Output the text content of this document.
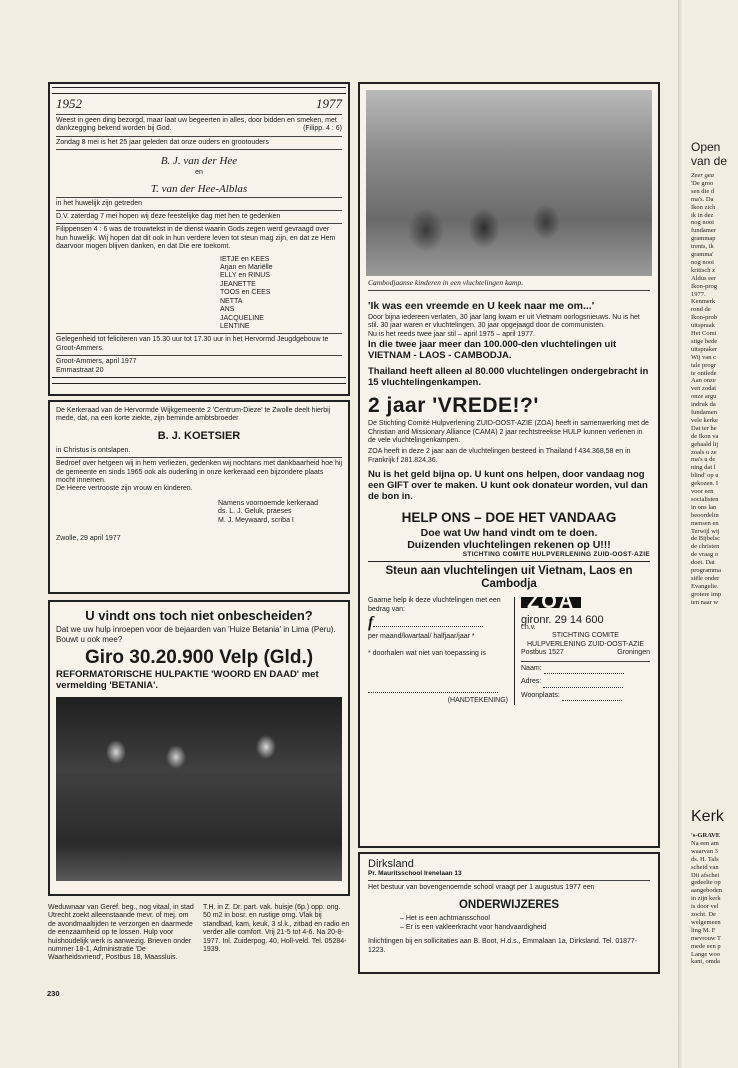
1952	1977
Weest in geen ding bezorgd, maar laat uw begeerten in alles, door bidden en smeken, met dankzegging bekend worden bij God.	(Filipp. 4 : 6)

Zondag 8 mei is het 25 jaar geleden dat onze ouders en grootouders

B. J. van der Hee

en

T. van der Hee-Alblas

in het huwelijk zijn getreden

D.V. zaterdag 7 mei hopen wij deze feestelijke dag met hen te gedenken

Filippensen 4 : 6 was de trouwtekst in de dienst waarin Gods zegen werd gevraagd over hun huwelijk. Wij hopen dat dit ook in hun verdere leven tot steun mag zijn, en dat ze Hem daarvoor mogen blijven danken, en dat Die ere toekomt.

IETJE en KEES
Arjan en Mariëlle
ELLY en RINUS
JEANETTE
TOOS en CEES
NETTA
ANS
JACQUELINE
LENTINE

Gelegenheid tot feliciteren van 15.30 uur tot 17.30 uur in het Hervormd Jeugdgebouw te Groot-Ammers.

Groot-Ammers, april 1977

Emmastraat 20

De Kerkeraad van de Hervormde Wijkgemeente 2 'Centrum-Dieze' te Zwolle deelt hierbij mede, dat, na een korte ziekte, zijn beminde ambtsbroeder

B. J. KOETSIER

in Christus is ontslapen.

Bedroef over hetgeen wij in hem verliezen, gedenken wij nochtans met dankbaarheid hoe hij de gemeente en sinds 1965 ook als ouderling in onze kerkeraad een bijzondere plaats mocht innemen.

De Heere vertrooste zijn vrouw en kinderen.

Namens voornoemde kerkeraad
ds. L. J. Geluk, praeses
M. J. Meywaard, scriba I

Zwolle, 29 april 1977

U vindt ons toch niet onbescheiden?

Dat we uw hulp inroepen voor de bejaarden van 'Huize Betania' in Lima (Peru). Bouwt u ook mee?

Giro 30.20.900 Velp (Gld.)

REFORMATORISCHE HULPAKTIE 'WOORD EN DAAD' met vermelding 'BETANIA'.

Weduwnaar van Geref. beg., nog vitaal, in stad Utrecht zoekt alleenstaande mevr. of mej. om de avondmaaltijden te verzorgen en daarmede de eenzaamheid op te lossen. Hulp voor huishoudelijk werk is aanwezig. Brieven onder nummer 18-1, Administratie 'De Waarheidsvriend', Postbus 18, Maassluis.
T.H. in Z. Dr. part. vak. huisje (6p.) opp. ong. 50 m2 in bosr. en rustige omg. Vlak bij standbad, kam, keuk, 3 sl.k., zitbad en radio en verder alle comfort. Vrij 21-5 tot 4-6. Na 20-8-1977. Inl. Zuiderpog. 40, Holl-veld. Tel. 05284-1939.
230

Cambodjaanse kinderen in een vluchtelingen kamp.

'Ik was een vreemde en U keek naar me om...'

Door bijna iedereen verlaten, 30 jaar lang kwam er uit Vietnam oorlogsnieuws. Nu is het stil. 30 jaar waren er vluchtelingen. 30 jaar opgejaagd door de communisten.

Nu is het reeds twee jaar stil – april 1975 – april 1977.

In die twee jaar meer dan 100.000-den vluchtelingen uit VIETNAM - LAOS - CAMBODJA.

Thailand heeft alleen al 80.000 vluchtelingen ondergebracht in 15 vluchtelingenkampen.

2 jaar 'VREDE!?'

De Stichting Comité Hulpverlening ZUID-OOST-AZIE (ZOA) heeft in samenwerking met de Christian and Missionary Alliance (CAMA) 2 jaar rechtstreekse HULP kunnen verlenen in de vele vluchtelingenkampen.

ZOA heeft in deze 2 jaar aan de vluchtelingen besteed in Thailand f 434.368,58 en in Frankrijk f 281.824,36.

Nu is het geld bijna op. U kunt ons helpen, door vandaag nog een GIFT over te maken. U kunt ook donateur worden, vul dan de bon in.

HELP ONS – DOE HET VANDAAG

Doe wat Uw hand vindt om te doen.

Duizenden vluchtelingen rekenen op U!!!

STICHTING COMITE HULPVERLENING ZUID-OOST-AZIE

Steun aan vluchtelingen uit Vietnam, Laos en Cambodja

Gaarne help ik deze vluchtelingen met een bedrag van:

f

per maand/kwartaal/ halfjaar/jaar *

* doorhalen wat niet van toepassing is

(HANDTEKENING)

ZOA

gironr. 29 14 600

t.n.v.

STICHTING COMITE

HULPVERLENING ZUID-OOST-AZIE

Postbus 1527	Groningen

Naam:

Adres:

Woonplaats:

Dirksland

Pr. Mauritsschool Irenelaan 13

Het bestuur van bovengenoemde school vraagt per 1 augustus 1977 een

ONDERWIJZERES

– Het is een achtmansschool

– Er is een vakleerkracht voor handvaardigheid

Inlichtingen bij en sollicitaties aan B. Boot, H.d.s., Emmalaan 1a, Dirksland. Tel. 01877-1223.

Open
van de
Kerk
Zeer gea
'De groo
sen die d
ma's. Da
Ikon zich
ik in dez
nog nooi
fundamer
grammap
trents, ik
gramma'
nog nooi
kritisch z
Aldus eer
Ikon-prog
1977.
Kenmerk
rond de
Ikon-prob
uitspraak
Het Comi
stige bede
uitspraker
Wij van c
tale progr
te ontlede
Aan onze
ven zodat
onze argu
indruk da
fundamen
vele kerke
Dat ter he
de Ikon va
gehaald lij
zoals u ze
ma's u de
ning dat l
blind' op u
gekozen. I
voor een
socialisten
in ons lan
beoordelin
mensen en
Terwijl wij
de Bijbelsc
de christen
de vraag o
doet. Dat
programma
siële onder
Evangelie.
grotere imp
ten naar w
's-GRAVE
Na een am
waarvan 3
ds. H. Tals
scheid van
Dit afschei
gedeelte op
aangeboden
in zijn kerk
is door vel
zocht. De
welgemeen
ling M. F
mevrouw T
mede een p
Lange woo
kant, omda
